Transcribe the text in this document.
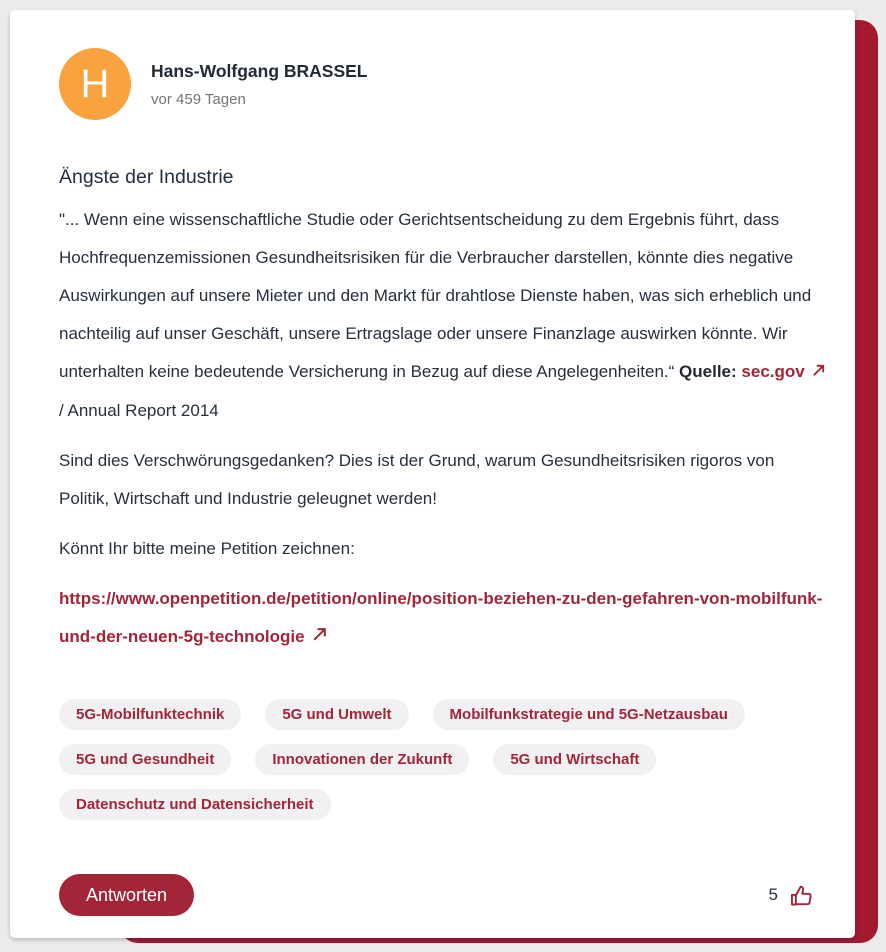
H Hans-Wolfgang BRASSEL
vor 459 Tagen
Ängste der Industrie

"... Wenn eine wissenschaftliche Studie oder Gerichtsentscheidung zu dem Ergebnis führt, dass Hochfrequenzemissionen Gesundheitsrisiken für die Verbraucher darstellen, könnte dies negative Auswirkungen auf unsere Mieter und den Markt für drahtlose Dienste haben, was sich erheblich und nachteilig auf unser Geschäft, unsere Ertragslage oder unsere Finanzlage auswirken könnte. Wir unterhalten keine bedeutende Versicherung in Bezug auf diese Angelegenheiten.“ Quelle: sec.gov  / Annual Report 2014

Sind dies Verschwörungsgedanken? Dies ist der Grund, warum Gesundheitsrisiken rigoros von Politik, Wirtschaft und Industrie geleugnet werden!

Könnt Ihr bitte meine Petition zeichnen:

https://www.openpetition.de/petition/online/position-beziehen-zu-den-gefahren-von-mobilfunk-und-der-neuen-5g-technologie

5G-Mobilfunktechnik	5G und Umwelt	Mobilfunkstrategie und 5G-Netzausbau
5G und Gesundheit	Innovationen der Zukunft	5G und Wirtschaft
Datenschutz und Datensicherheit
Antworten	5
